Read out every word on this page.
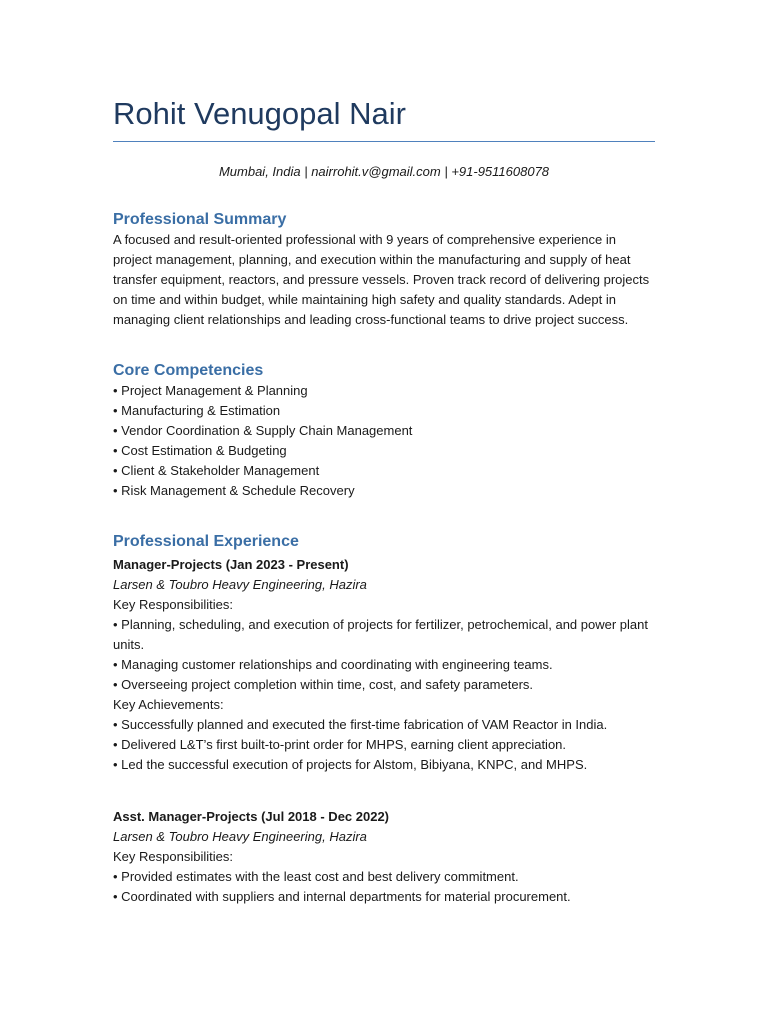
Rohit Venugopal Nair
Mumbai, India | nairrohit.v@gmail.com | +91-9511608078
Professional Summary
A focused and result-oriented professional with 9 years of comprehensive experience in project management, planning, and execution within the manufacturing and supply of heat transfer equipment, reactors, and pressure vessels. Proven track record of delivering projects on time and within budget, while maintaining high safety and quality standards. Adept in managing client relationships and leading cross-functional teams to drive project success.
Core Competencies
• Project Management & Planning
• Manufacturing & Estimation
• Vendor Coordination & Supply Chain Management
• Cost Estimation & Budgeting
• Client & Stakeholder Management
• Risk Management & Schedule Recovery
Professional Experience
Manager-Projects (Jan 2023 - Present)
Larsen & Toubro Heavy Engineering, Hazira
Key Responsibilities:
• Planning, scheduling, and execution of projects for fertilizer, petrochemical, and power plant units.
• Managing customer relationships and coordinating with engineering teams.
• Overseeing project completion within time, cost, and safety parameters.
Key Achievements:
• Successfully planned and executed the first-time fabrication of VAM Reactor in India.
• Delivered L&T’s first built-to-print order for MHPS, earning client appreciation.
• Led the successful execution of projects for Alstom, Bibiyana, KNPC, and MHPS.
Asst. Manager-Projects (Jul 2018 - Dec 2022)
Larsen & Toubro Heavy Engineering, Hazira
Key Responsibilities:
• Provided estimates with the least cost and best delivery commitment.
• Coordinated with suppliers and internal departments for material procurement.
